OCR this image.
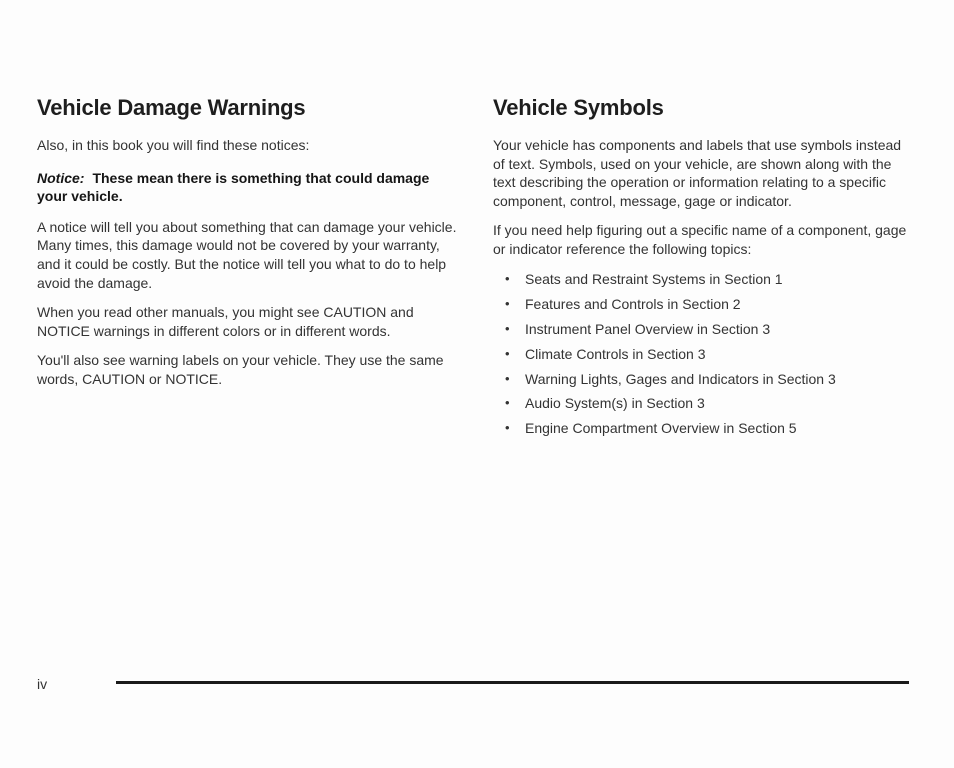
Vehicle Damage Warnings

Also, in this book you will find these notices:

Notice: These mean there is something that could damage your vehicle.

A notice will tell you about something that can damage your vehicle. Many times, this damage would not be covered by your warranty, and it could be costly. But the notice will tell you what to do to help avoid the damage.

When you read other manuals, you might see CAUTION and NOTICE warnings in different colors or in different words.

You'll also see warning labels on your vehicle. They use the same words, CAUTION or NOTICE.

Vehicle Symbols

Your vehicle has components and labels that use symbols instead of text. Symbols, used on your vehicle, are shown along with the text describing the operation or information relating to a specific component, control, message, gage or indicator.

If you need help figuring out a specific name of a component, gage or indicator reference the following topics:

• Seats and Restraint Systems in Section 1
• Features and Controls in Section 2
• Instrument Panel Overview in Section 3
• Climate Controls in Section 3
• Warning Lights, Gages and Indicators in Section 3
• Audio System(s) in Section 3
• Engine Compartment Overview in Section 5
iv
